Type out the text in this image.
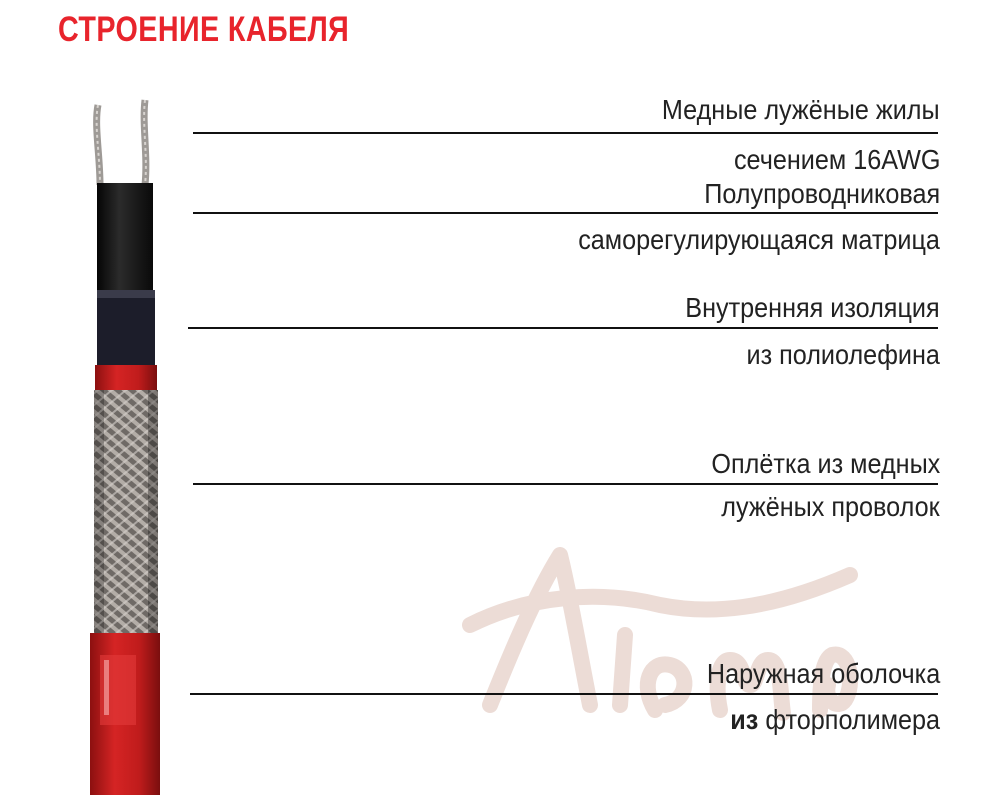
СТРОЕНИЕ КАБЕЛЯ
Медные лужёные жилы
сечением 16AWG
Полупроводниковая
саморегулирующаяся матрица
Внутренняя изоляция
из полиолефина
Оплётка из медных
лужёных проволок
Наружная оболочка
из фторполимера
